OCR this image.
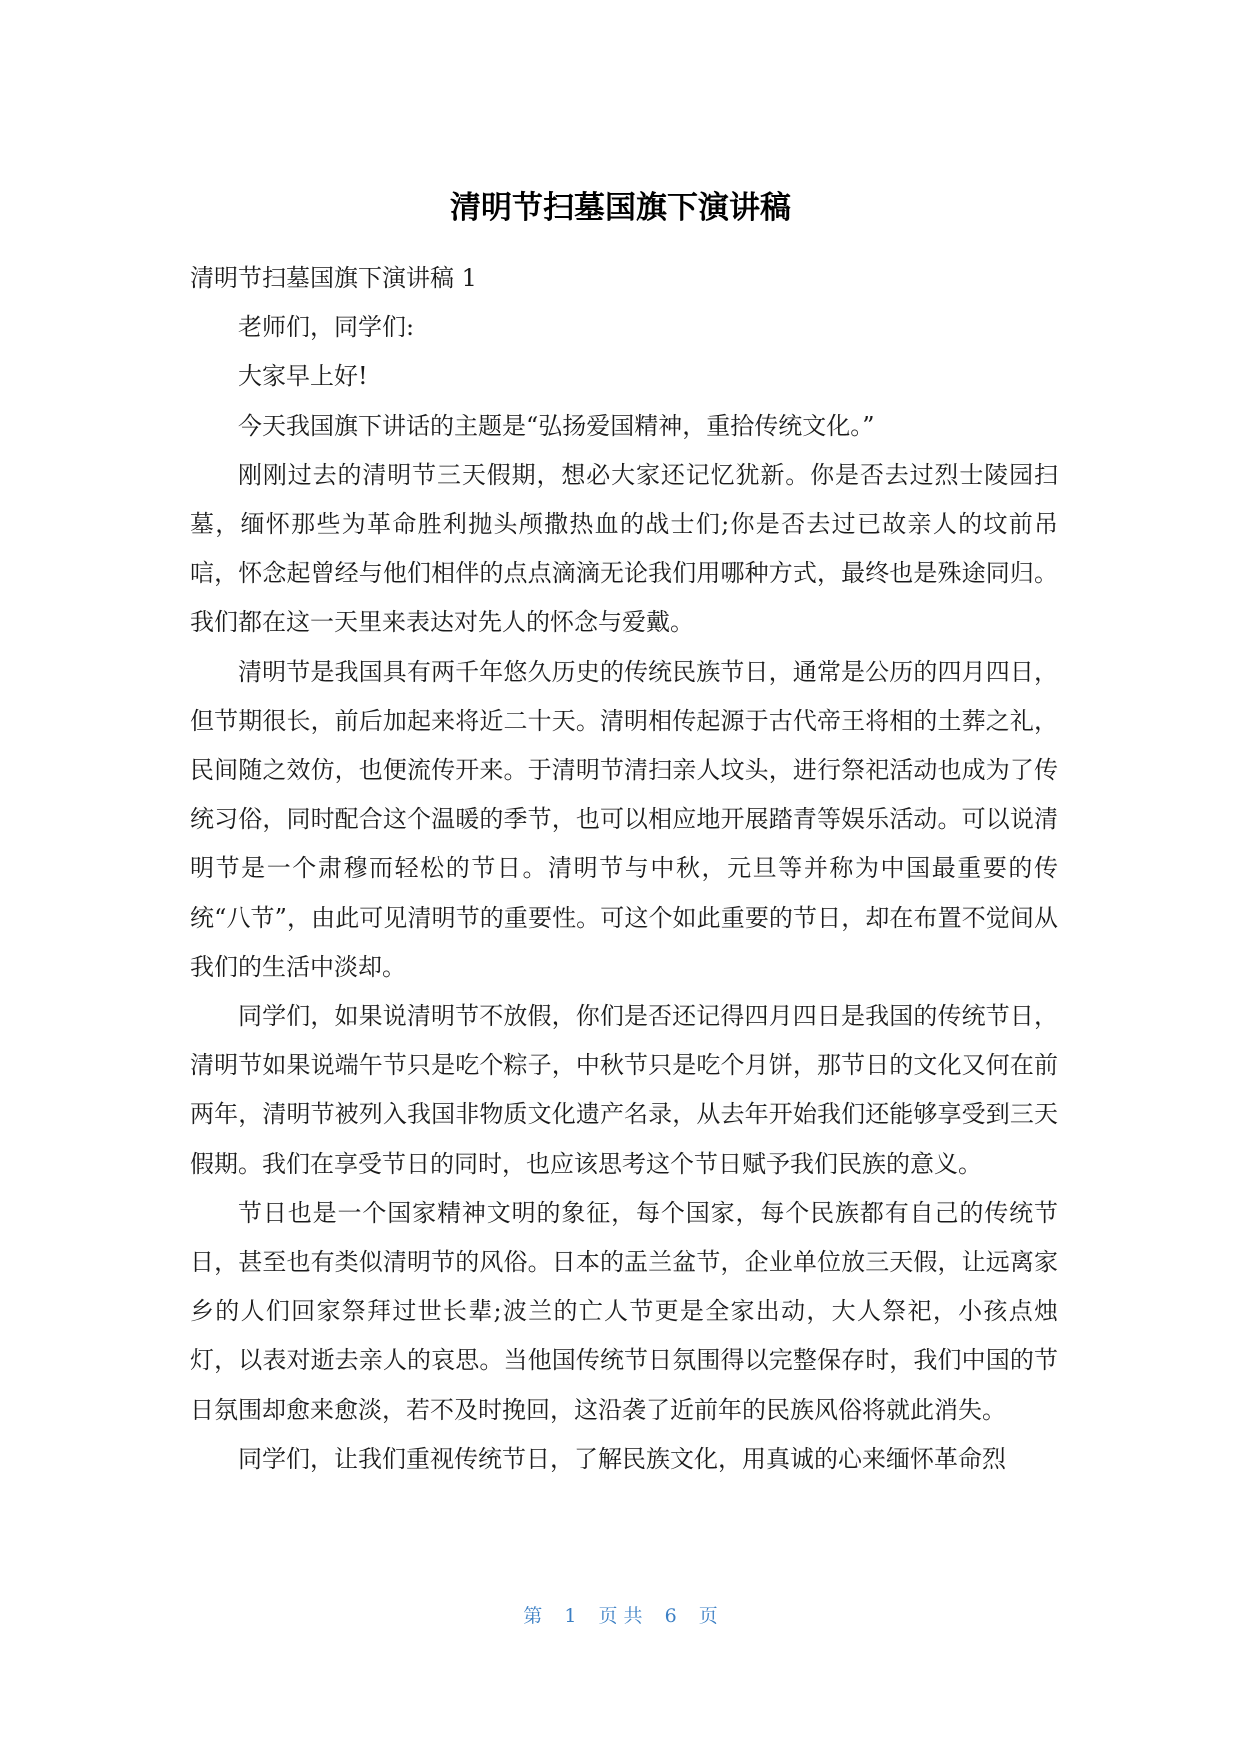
清明节扫墓国旗下演讲稿

清明节扫墓国旗下演讲稿 1

老师们，同学们:

大家早上好!

今天我国旗下讲话的主题是“弘扬爱国精神，重拾传统文化。”

刚刚过去的清明节三天假期，想必大家还记忆犹新。你是否去过烈士陵园扫墓，缅怀那些为革命胜利抛头颅撒热血的战士们;你是否去过已故亲人的坟前吊唁，怀念起曾经与他们相伴的点点滴滴无论我们用哪种方式，最终也是殊途同归。我们都在这一天里来表达对先人的怀念与爱戴。

清明节是我国具有两千年悠久历史的传统民族节日，通常是公历的四月四日，但节期很长，前后加起来将近二十天。清明相传起源于古代帝王将相的土葬之礼，民间随之效仿，也便流传开来。于清明节清扫亲人坟头，进行祭祀活动也成为了传统习俗，同时配合这个温暖的季节，也可以相应地开展踏青等娱乐活动。可以说清明节是一个肃穆而轻松的节日。清明节与中秋，元旦等并称为中国最重要的传统“八节”，由此可见清明节的重要性。可这个如此重要的节日，却在布置不觉间从我们的生活中淡却。

同学们，如果说清明节不放假，你们是否还记得四月四日是我国的传统节日，清明节如果说端午节只是吃个粽子，中秋节只是吃个月饼，那节日的文化又何在前两年，清明节被列入我国非物质文化遗产名录，从去年开始我们还能够享受到三天假期。我们在享受节日的同时，也应该思考这个节日赋予我们民族的意义。

节日也是一个国家精神文明的象征，每个国家，每个民族都有自己的传统节日，甚至也有类似清明节的风俗。日本的盂兰盆节，企业单位放三天假，让远离家乡的人们回家祭拜过世长辈;波兰的亡人节更是全家出动，大人祭祀，小孩点烛灯，以表对逝去亲人的哀思。当他国传统节日氛围得以完整保存时，我们中国的节日氛围却愈来愈淡，若不及时挽回，这沿袭了近前年的民族风俗将就此消失。

同学们，让我们重视传统节日，了解民族文化，用真诚的心来缅怀革命烈

第 1 页 共 6 页
